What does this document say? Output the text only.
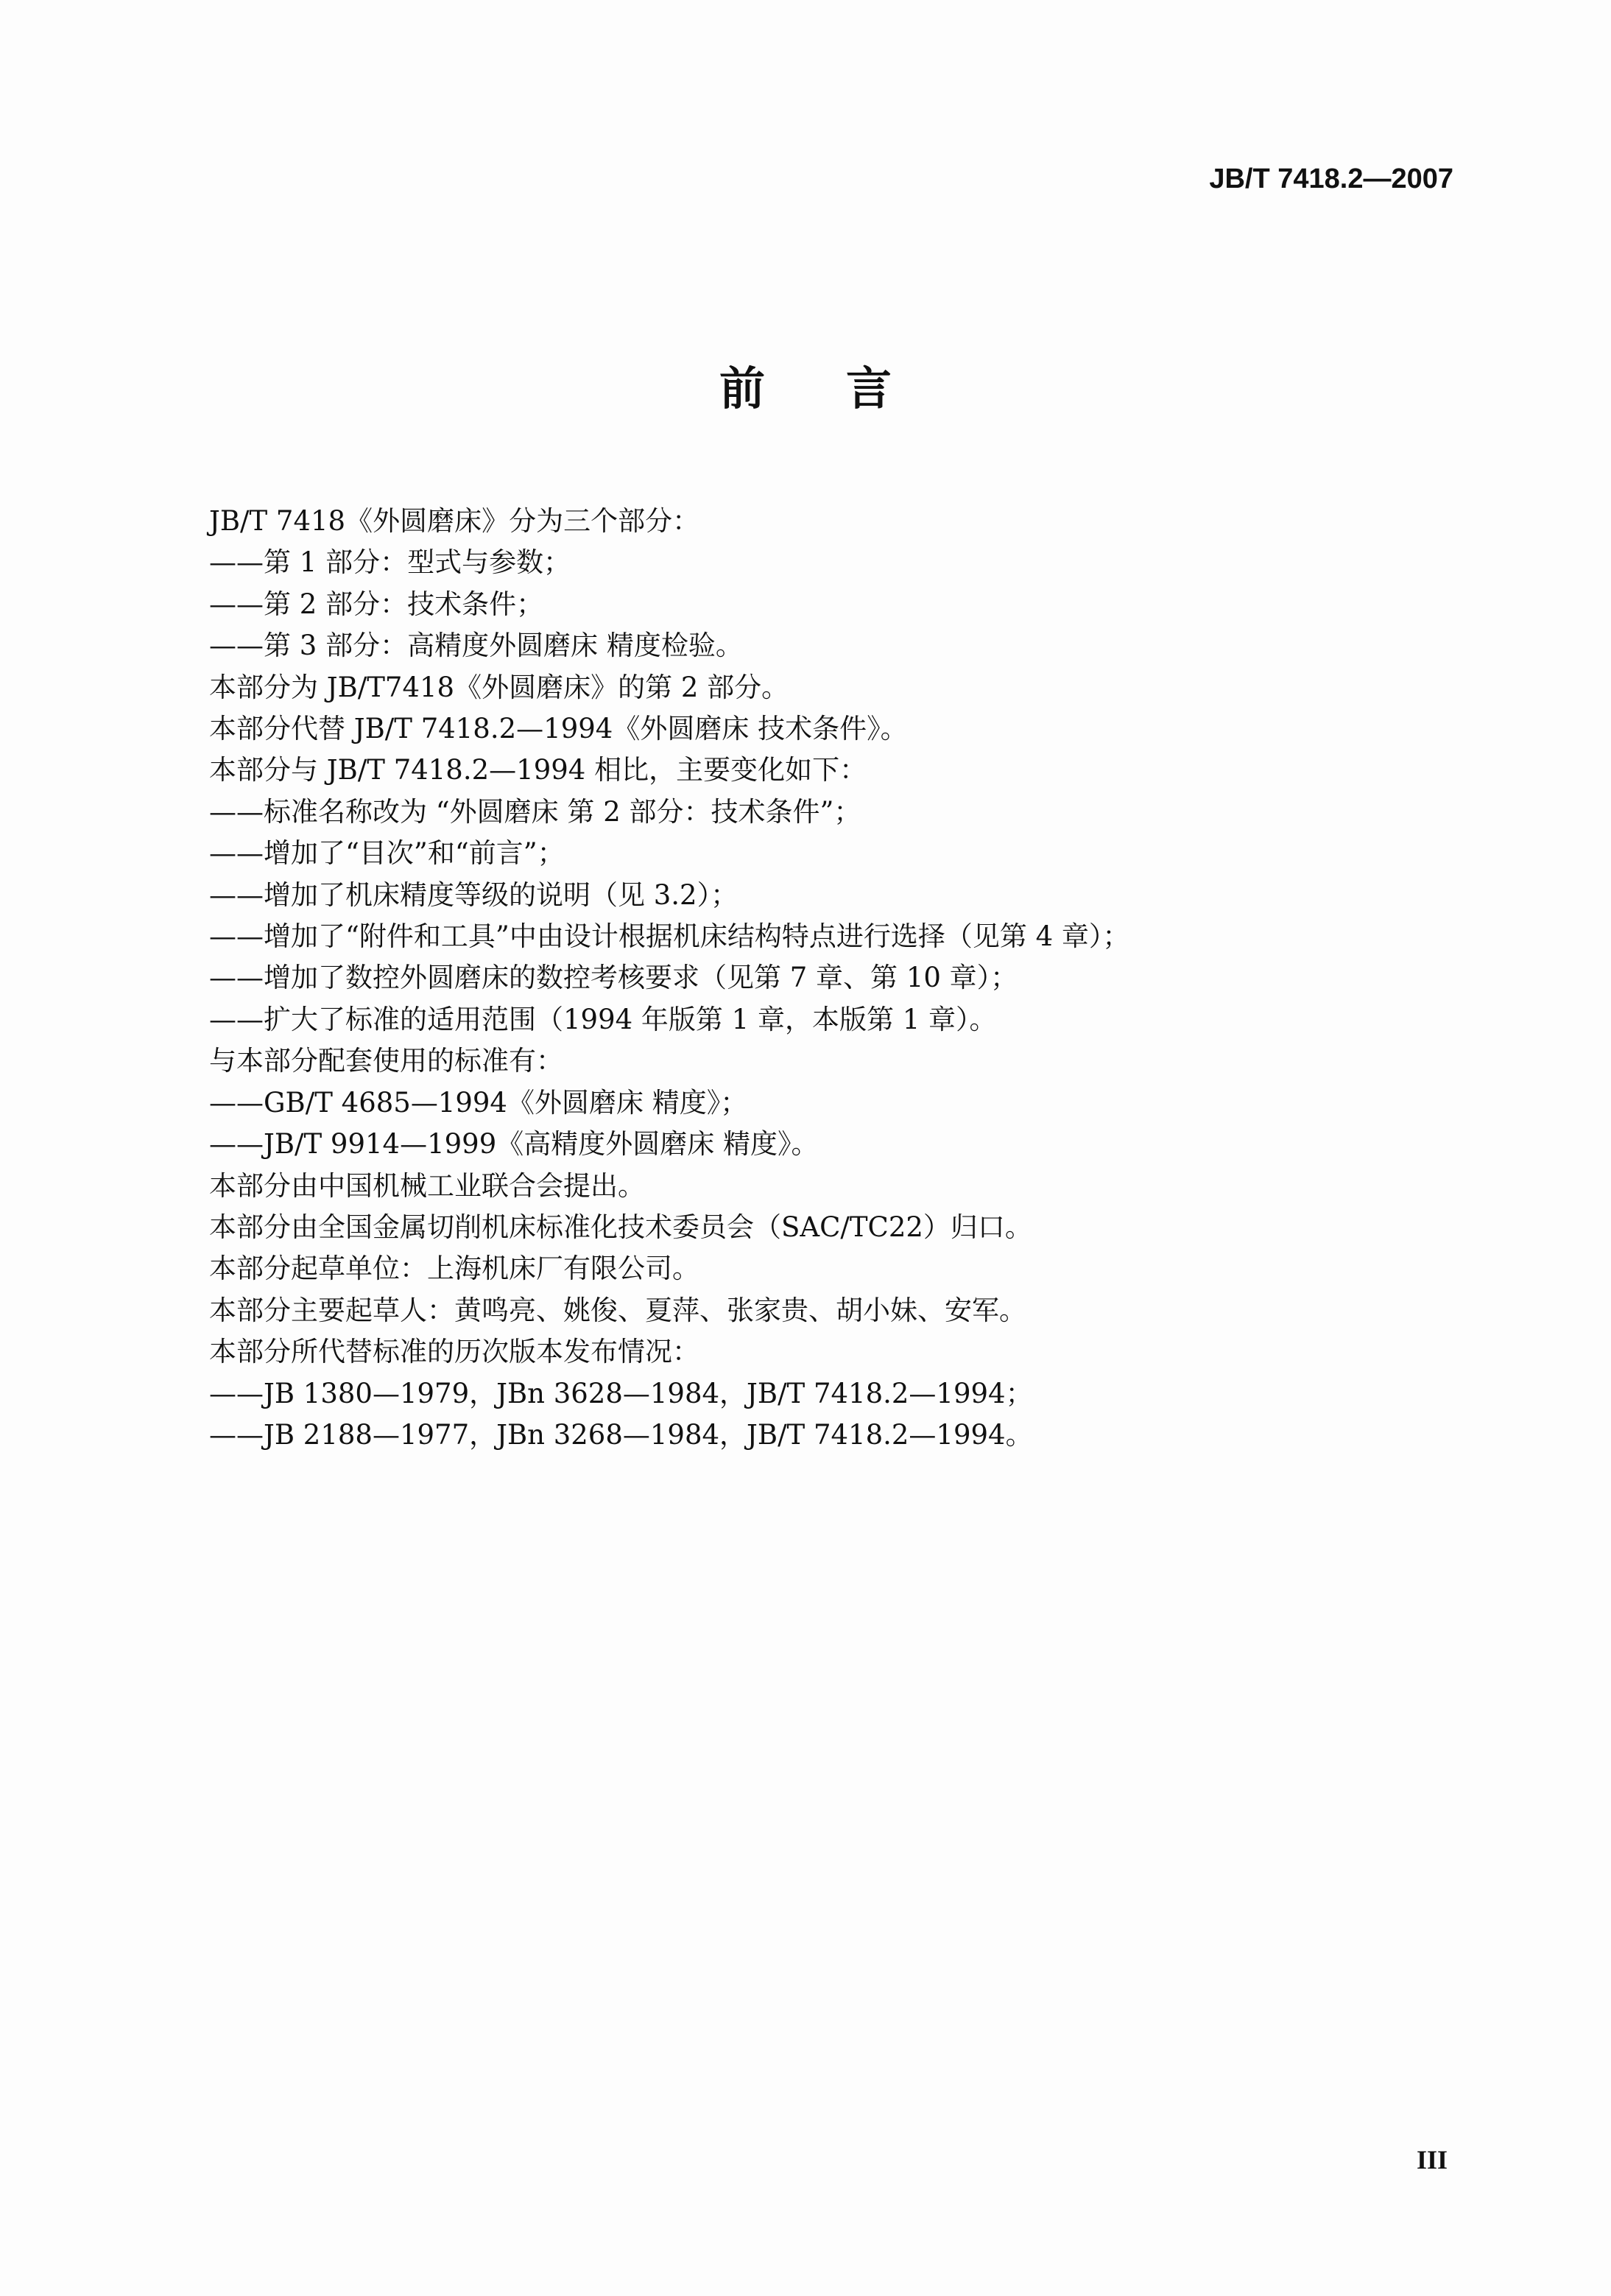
JB/T 7418.2—2007
前言
JB/T 7418《外圆磨床》分为三个部分：
——第 1 部分：型式与参数；
——第 2 部分：技术条件；
——第 3 部分：高精度外圆磨床 精度检验。
本部分为 JB/T7418《外圆磨床》的第 2 部分。
本部分代替 JB/T 7418.2—1994《外圆磨床 技术条件》。
本部分与 JB/T 7418.2—1994 相比，主要变化如下：
——标准名称改为 “外圆磨床 第 2 部分：技术条件”；
——增加了“目次”和“前言”；
——增加了机床精度等级的说明（见 3.2）；
——增加了“附件和工具”中由设计根据机床结构特点进行选择（见第 4 章）；
——增加了数控外圆磨床的数控考核要求（见第 7 章、第 10 章）；
——扩大了标准的适用范围（1994 年版第 1 章，本版第 1 章）。
与本部分配套使用的标准有：
——GB/T 4685—1994《外圆磨床 精度》；
——JB/T 9914—1999《高精度外圆磨床 精度》。
本部分由中国机械工业联合会提出。
本部分由全国金属切削机床标准化技术委员会（SAC/TC22）归口。
本部分起草单位：上海机床厂有限公司。
本部分主要起草人：黄鸣亮、姚俊、夏萍、张家贵、胡小妹、安军。
本部分所代替标准的历次版本发布情况：
——JB 1380—1979，JBn 3628—1984，JB/T 7418.2—1994；
——JB 2188—1977，JBn 3268—1984，JB/T 7418.2—1994。
III
